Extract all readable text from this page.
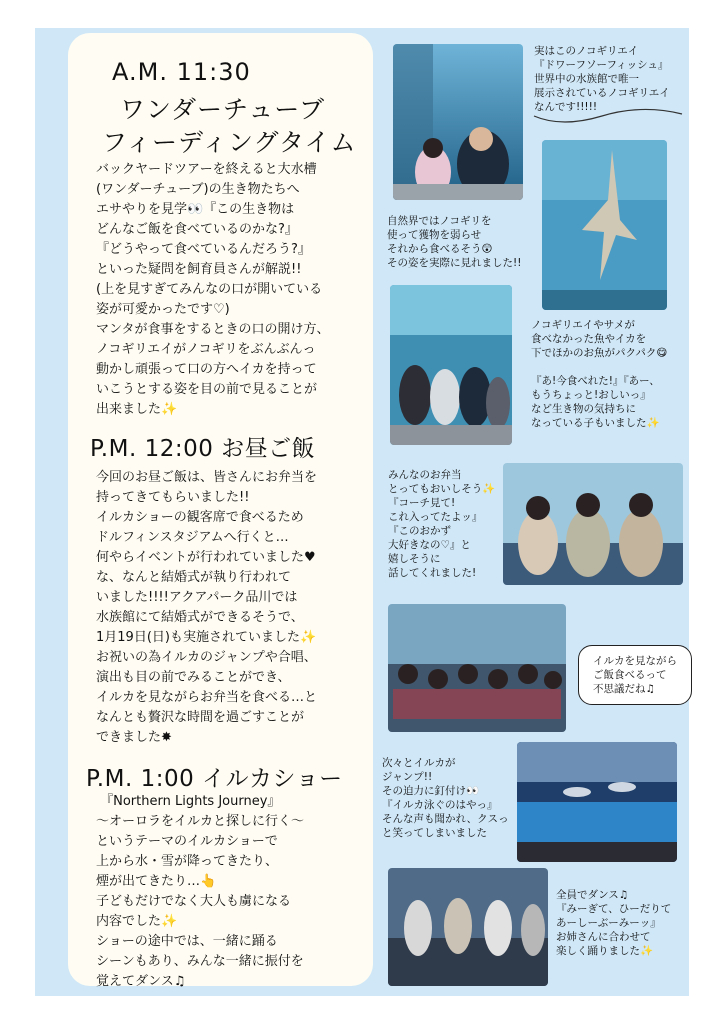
A.M. 11:30
ワンダーチューブ
フィーディングタイム
バックヤードツアーを終えると大水槽
(ワンダーチューブ)の生き物たちへ
エサやりを見学👀『この生き物は
どんなご飯を食べているのかな?』
『どうやって食べているんだろう?』
といった疑問を飼育員さんが解説!!
(上を見すぎてみんなの口が開いている
姿が可愛かったです♡)
マンタが食事をするときの口の開け方、
ノコギリエイがノコギリをぶんぶんっ
動かし頑張って口の方へイカを持って
いこうとする姿を目の前で見ることが
出来ました✨
P.M. 12:00 お昼ご飯
今回のお昼ご飯は、皆さんにお弁当を
持ってきてもらいました!!
イルカショーの観客席で食べるため
ドルフィンスタジアムへ行くと…
何やらイベントが行われていました♥
な、なんと結婚式が執り行われて
いました!!!!アクアパーク品川では
水族館にて結婚式ができるそうで、
1月19日(日)も実施されていました✨
お祝いの為イルカのジャンプや合唱、
演出も目の前でみることができ、
イルカを見ながらお弁当を食べる…と
なんとも贅沢な時間を過ごすことが
できました✸
P.M. 1:00 イルカショー
『Northern Lights Journey』
～オーロラをイルカと探しに行く～
というテーマのイルカショーで
上から水・雪が降ってきたり、
煙が出てきたり…👆
子どもだけでなく大人も虜になる
内容でした✨
ショーの途中では、一緒に踊る
シーンもあり、みんな一緒に振付を
覚えてダンス♫
実はこのノコギリエイ
『ドワーフソーフィッシュ』
世界中の水族館で唯一
展示されているノコギリエイ
なんです!!!!!
自然界ではノコギリを
使って獲物を弱らせ
それから食べるそう😲
その姿を実際に見れました!!
ノコギリエイやサメが
食べなかった魚やイカを
下でほかのお魚がパクパク😋

『あ!今食べれた!』『あー、
もうちょっと!おしいっ』
など生き物の気持ちに
なっている子もいました✨
みんなのお弁当
とってもおいしそう✨
『コーチ見て!
これ入ってたよッ』
『このおかず
大好きなの♡』と
嬉しそうに
話してくれました!
イルカを見ながら
ご飯食べるって
不思議だね♫
次々とイルカが
ジャンプ!!
その迫力に釘付け👀
『イルカ泳ぐのはやっ』
そんな声も聞かれ、クスっ
と笑ってしまいました
全員でダンス♫
『みーぎて、ひーだりて
あーしーぶーみーッ』
お姉さんに合わせて
楽しく踊りました✨
